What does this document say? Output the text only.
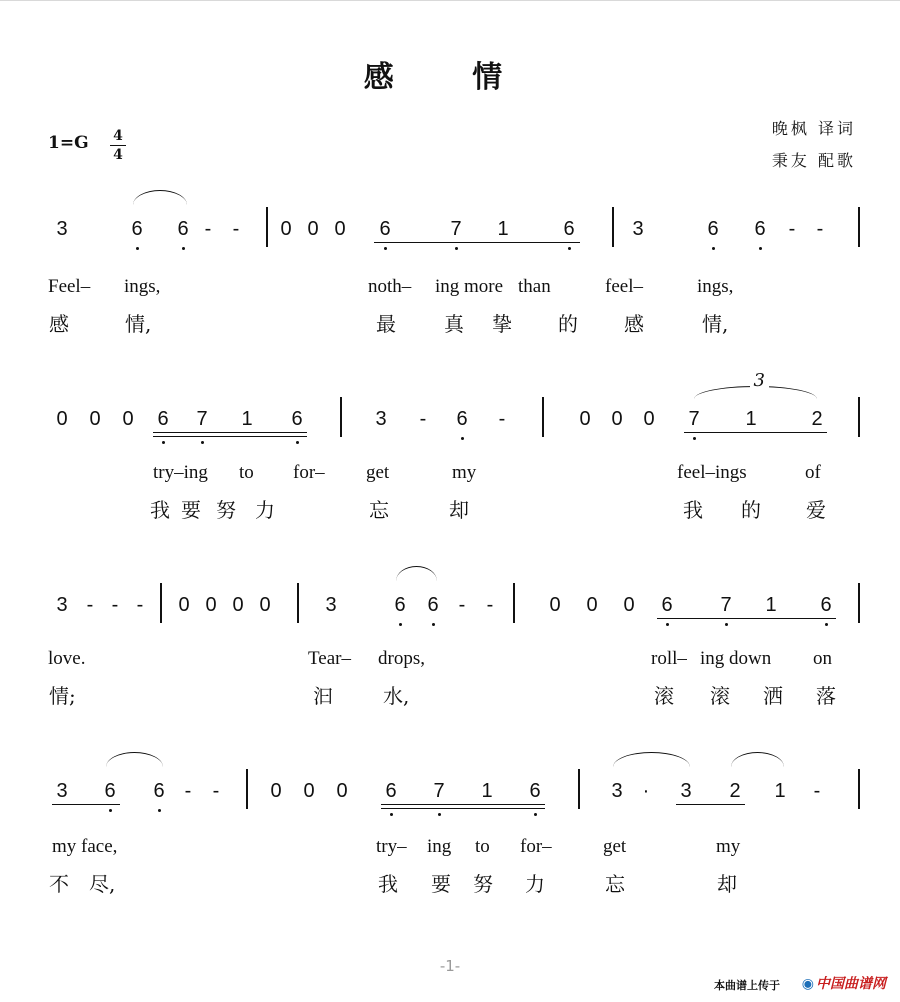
感 情
1=G 4
4
晚枫 译词
秉友 配歌
3	6	6 -	-	0 0 0	6	7	1	6	3	6	6	-	-
Feel– ings,	noth– ing more than	feel–	ings,
感	情,	最 真 挚 的 感	情,
0	0	0	6	7	1	6	3	-	6	-	0	0	0	7	1	2
3
try–ing to for– get	my	feel–ings	of
我 要 努 力	忘	却	我 的 爱
3 - - -	0 0 0 0	3	6	6	-	-	0	0	0	6	7	1	6
love.	Tear– drops,	roll– ing down on
情;	汩	水,	滚 滚 洒 落
3	6	6	-	-	0	0	0	6	7	1	6	3	·	3	2	1	-
my face,	try– ing to for–	get	my
不 尽,	我 要 努 力	忘	却
-1-
本曲谱上传于 ◉ 中国曲谱网
